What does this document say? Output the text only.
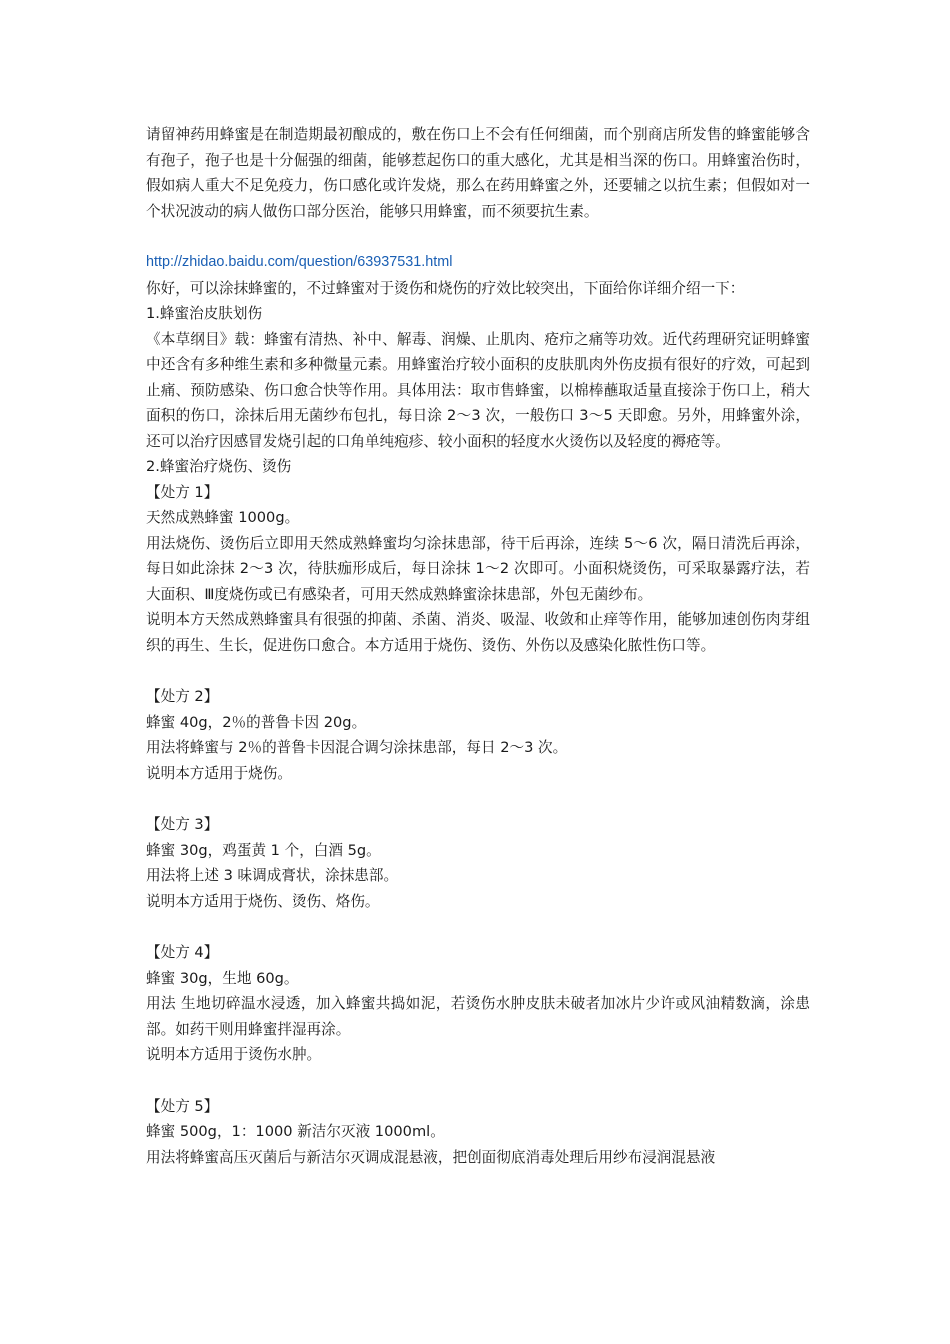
请留神药用蜂蜜是在制造期最初酿成的，敷在伤口上不会有任何细菌，而个别商店所发售的蜂蜜能够含有孢子，孢子也是十分倔强的细菌，能够惹起伤口的重大感化，尤其是相当深的伤口。用蜂蜜治伤时，假如病人重大不足免疫力，伤口感化或许发烧，那么在药用蜂蜜之外，还要辅之以抗生素；但假如对一个状况波动的病人做伤口部分医治，能够只用蜂蜜，而不须要抗生素。

http://zhidao.baidu.com/question/63937531.html

你好，可以涂抹蜂蜜的，不过蜂蜜对于烫伤和烧伤的疗效比较突出，下面给你详细介绍一下：

1.蜂蜜治皮肤划伤

《本草纲目》载：蜂蜜有清热、补中、解毒、润燥、止肌肉、疮疖之痛等功效。近代药理研究证明蜂蜜中还含有多种维生素和多种微量元素。用蜂蜜治疗较小面积的皮肤肌肉外伤皮损有很好的疗效，可起到止痛、预防感染、伤口愈合快等作用。具体用法：取市售蜂蜜，以棉棒蘸取适量直接涂于伤口上，稍大面积的伤口，涂抹后用无菌纱布包扎，每日涂 2～3 次，一般伤口 3～5 天即愈。另外，用蜂蜜外涂，还可以治疗因感冒发烧引起的口角单纯疱疹、较小面积的轻度水火烫伤以及轻度的褥疮等。

2.蜂蜜治疗烧伤、烫伤

【处方 1】

天然成熟蜂蜜 1000g。

用法烧伤、烫伤后立即用天然成熟蜂蜜均匀涂抹患部，待干后再涂，连续 5～6 次，隔日清洗后再涂，每日如此涂抹 2～3 次，待肤痂形成后，每日涂抹 1～2 次即可。小面积烧烫伤，可采取暴露疗法，若大面积、Ⅲ度烧伤或已有感染者，可用天然成熟蜂蜜涂抹患部，外包无菌纱布。

说明本方天然成熟蜂蜜具有很强的抑菌、杀菌、消炎、吸湿、收敛和止痒等作用，能够加速创伤肉芽组织的再生、生长，促进伤口愈合。本方适用于烧伤、烫伤、外伤以及感染化脓性伤口等。

【处方 2】

蜂蜜 40g，2％的普鲁卡因 20g。

用法将蜂蜜与 2％的普鲁卡因混合调匀涂抹患部，每日 2～3 次。

说明本方适用于烧伤。

【处方 3】

蜂蜜 30g，鸡蛋黄 1 个，白酒 5g。

用法将上述 3 味调成膏状，涂抹患部。

说明本方适用于烧伤、烫伤、烙伤。

【处方 4】

蜂蜜 30g，生地 60g。

用法 生地切碎温水浸透，加入蜂蜜共捣如泥，若烫伤水肿皮肤未破者加冰片少许或风油精数滴，涂患部。如药干则用蜂蜜拌湿再涂。

说明本方适用于烫伤水肿。

【处方 5】

蜂蜜 500g，1：1000 新洁尔灭液 1000ml。

用法将蜂蜜高压灭菌后与新洁尔灭调成混悬液，把创面彻底消毒处理后用纱布浸润混悬液
